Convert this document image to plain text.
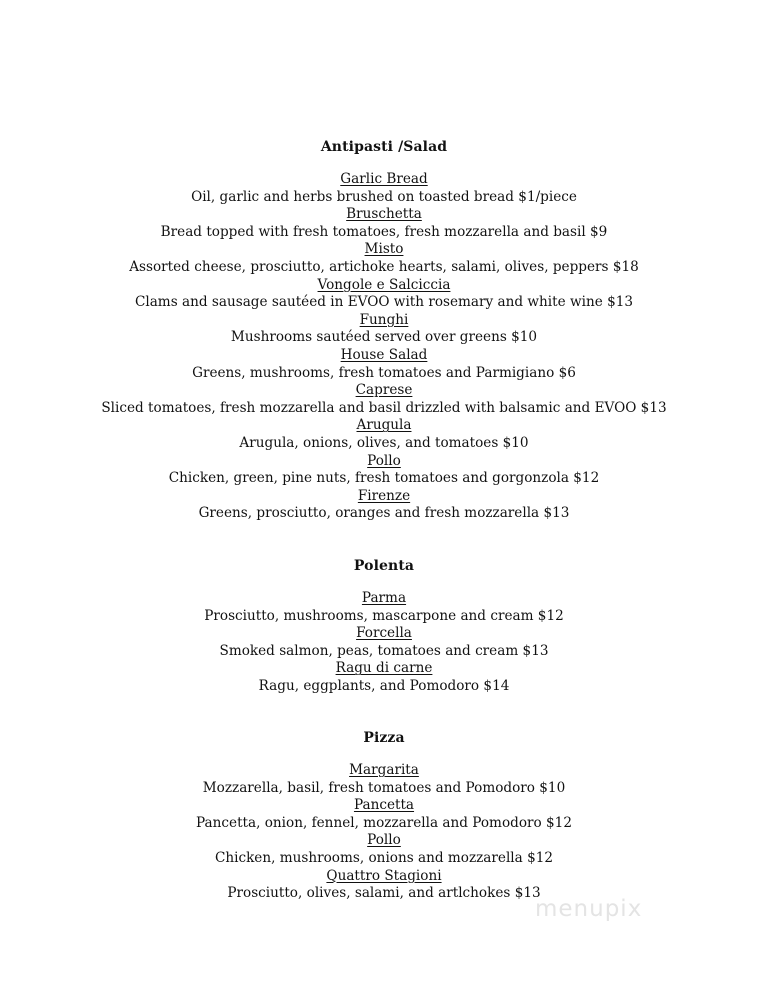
Antipasti /Salad
Garlic Bread
Oil, garlic and herbs brushed on toasted bread $1/piece
Bruschetta
Bread topped with fresh tomatoes, fresh mozzarella and basil $9
Misto
Assorted cheese, prosciutto, artichoke hearts, salami, olives, peppers $18
Vongole e Salciccia
Clams and sausage sautéed in EVOO with rosemary and white wine $13
Funghi
Mushrooms sautéed served over greens $10
House Salad
Greens, mushrooms, fresh tomatoes and Parmigiano $6
Caprese
Sliced tomatoes, fresh mozzarella and basil drizzled with balsamic and EVOO $13
Arugula
Arugula, onions, olives, and tomatoes $10
Pollo
Chicken, green, pine nuts, fresh tomatoes and gorgonzola $12
Firenze
Greens, prosciutto, oranges and fresh mozzarella $13
Polenta
Parma
Prosciutto, mushrooms, mascarpone and cream $12
Forcella
Smoked salmon, peas, tomatoes and cream $13
Ragu di carne
Ragu, eggplants, and Pomodoro $14
Pizza
Margarita
Mozzarella, basil, fresh tomatoes and Pomodoro $10
Pancetta
Pancetta, onion, fennel, mozzarella and Pomodoro $12
Pollo
Chicken, mushrooms, onions and mozzarella $12
Quattro Stagioni
Prosciutto, olives, salami, and artlchokes $13
menupix
